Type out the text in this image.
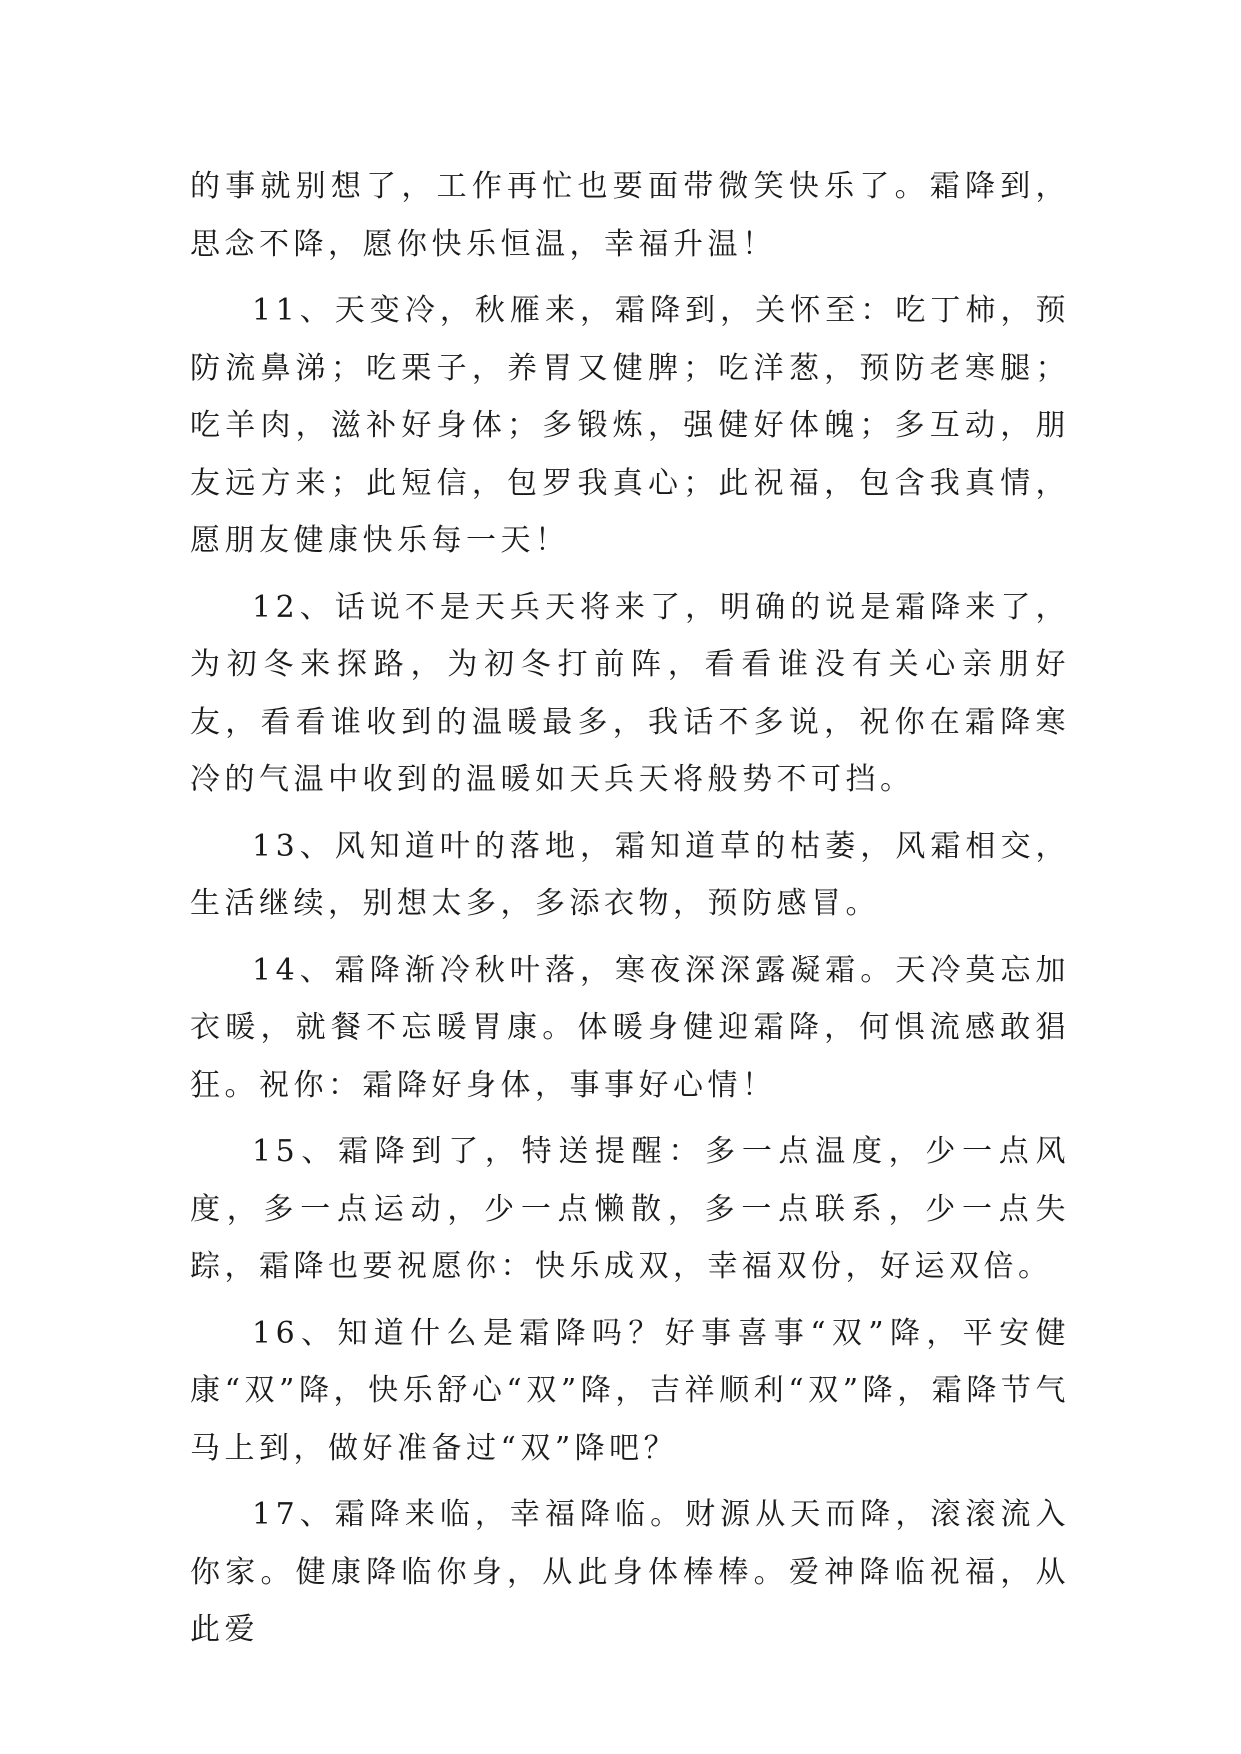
的事就别想了，工作再忙也要面带微笑快乐了。霜降到，思念不降，愿你快乐恒温，幸福升温！

11、天变冷，秋雁来，霜降到，关怀至：吃丁柿，预防流鼻涕；吃栗子，养胃又健脾；吃洋葱，预防老寒腿；吃羊肉，滋补好身体；多锻炼，强健好体魄；多互动，朋友远方来；此短信，包罗我真心；此祝福，包含我真情，愿朋友健康快乐每一天！

12、话说不是天兵天将来了，明确的说是霜降来了，为初冬来探路，为初冬打前阵，看看谁没有关心亲朋好友，看看谁收到的温暖最多，我话不多说，祝你在霜降寒冷的气温中收到的温暖如天兵天将般势不可挡。

13、风知道叶的落地，霜知道草的枯萎，风霜相交，生活继续，别想太多，多添衣物，预防感冒。

14、霜降渐冷秋叶落，寒夜深深露凝霜。天冷莫忘加衣暖，就餐不忘暖胃康。体暖身健迎霜降，何惧流感敢猖狂。祝你：霜降好身体，事事好心情！

15、霜降到了，特送提醒：多一点温度，少一点风度，多一点运动，少一点懒散，多一点联系，少一点失踪，霜降也要祝愿你：快乐成双，幸福双份，好运双倍。

16、知道什么是霜降吗？好事喜事“双”降，平安健康“双”降，快乐舒心“双”降，吉祥顺利“双”降，霜降节气马上到，做好准备过“双”降吧？

17、霜降来临，幸福降临。财源从天而降，滚滚流入你家。健康降临你身，从此身体棒棒。爱神降临祝福，从此爱
